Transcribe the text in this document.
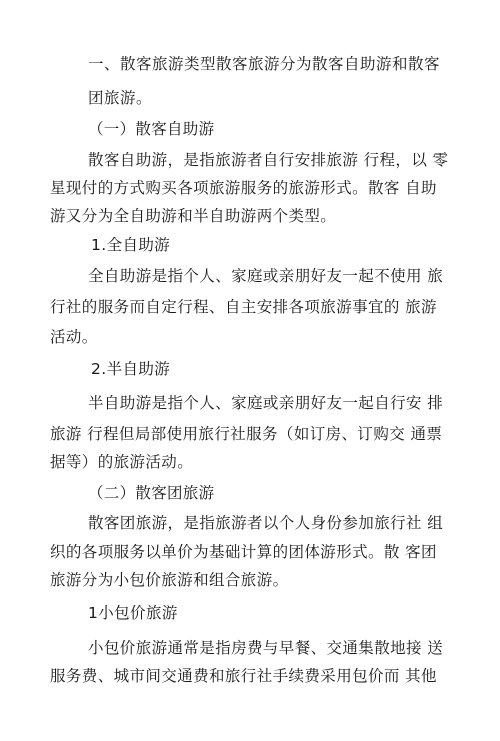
一、散客旅游类型散客旅游分为散客自助游和散客
团旅游。
（一）散客自助游
散客自助游，是指旅游者自行安排旅游 行程，以 零
星现付的方式购买各项旅游服务的旅游形式。散客 自助
游又分为全自助游和半自助游两个类型。
1.全自助游
全自助游是指个人、家庭或亲朋好友一起不使用 旅
行社的服务而自定行程、自主安排各项旅游事宜的 旅游
活动。
2.半自助游
半自助游是指个人、家庭或亲朋好友一起自行安 排
旅游 行程但局部使用旅行社服务（如订房、订购交 通票
据等）的旅游活动。
（二）散客团旅游
散客团旅游，是指旅游者以个人身份参加旅行社 组
织的各项服务以单价为基础计算的团体游形式。散 客团
旅游分为小包价旅游和组合旅游。
1小包价旅游
小包价旅游通常是指房费与早餐、交通集散地接 送
服务费、城市间交通费和旅行社手续费采用包价而 其他
